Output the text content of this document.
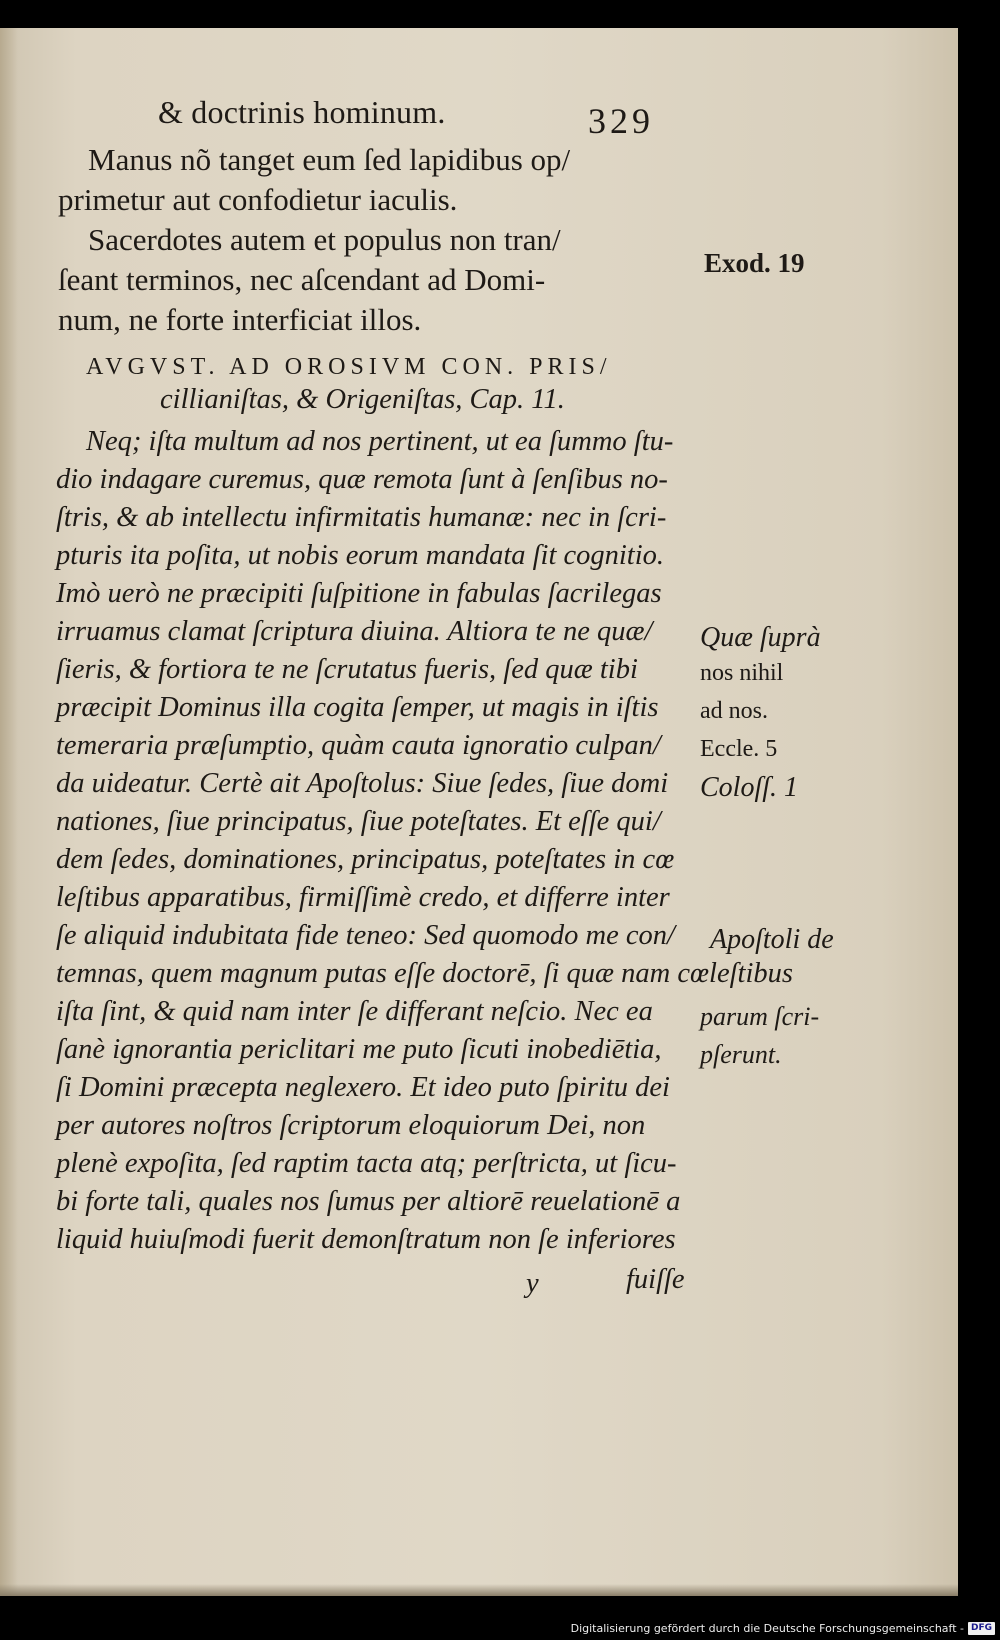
& doctrinis hominum.	329
Manus nõ tanget eum ſed lapidibus op/
primetur aut confodietur iaculis.
Sacerdotes autem et populus non tran/
ſeant terminos, nec aſcendant ad Domi-
num, ne forte interficiat illos.
AVGVST. AD OROSIVM CON. PRIS/
cillianiſtas, & Origeniſtas, Cap. 11.
Neq; iſta multum ad nos pertinent, ut ea ſummo ſtu-
dio indagare curemus, quæ remota ſunt à ſenſibus no-
ſtris, & ab intellectu infirmitatis humanæ: nec in ſcri-
pturis ita poſita, ut nobis eorum mandata ſit cognitio.
Imò uerò ne præcipiti ſuſpitione in fabulas ſacrilegas
irruamus clamat ſcriptura diuina. Altiora te ne quæ/
ſieris, & fortiora te ne ſcrutatus fueris, ſed quæ tibi
præcipit Dominus illa cogita ſemper, ut magis in iſtis
temeraria præſumptio, quàm cauta ignoratio culpan/
da uideatur. Certè ait Apoſtolus: Siue ſedes, ſiue domi
nationes, ſiue principatus, ſiue poteſtates. Et eſſe qui/
dem ſedes, dominationes, principatus, poteſtates in cœ
leſtibus apparatibus, firmiſſimè credo, et differre inter
ſe aliquid indubitata fide teneo: Sed quomodo me con/
temnas, quem magnum putas eſſe doctorē, ſi quæ nam cœleſtibus
iſta ſint, & quid nam inter ſe differant neſcio. Nec ea
ſanè ignorantia periclitari me puto ſicuti inobediētia,
ſi Domini præcepta neglexero. Et ideo puto ſpiritu dei
per autores noſtros ſcriptorum eloquiorum Dei, non
plenè expoſita, ſed raptim tacta atq; perſtricta, ut ſicu-
bi forte tali, quales nos ſumus per altiorē reuelationē a
liquid huiuſmodi fuerit demonſtratum non ſe inferiores
Exod. 19
Quæ ſuprà
nos nihil
ad nos.
Eccle. 5
Coloſſ. 1
Apoſtoli de
parum ſcri-
pſerunt.
y	fuiſſe
Digitalisierung gefördert durch die Deutsche Forschungsgemeinschaft - DFG
